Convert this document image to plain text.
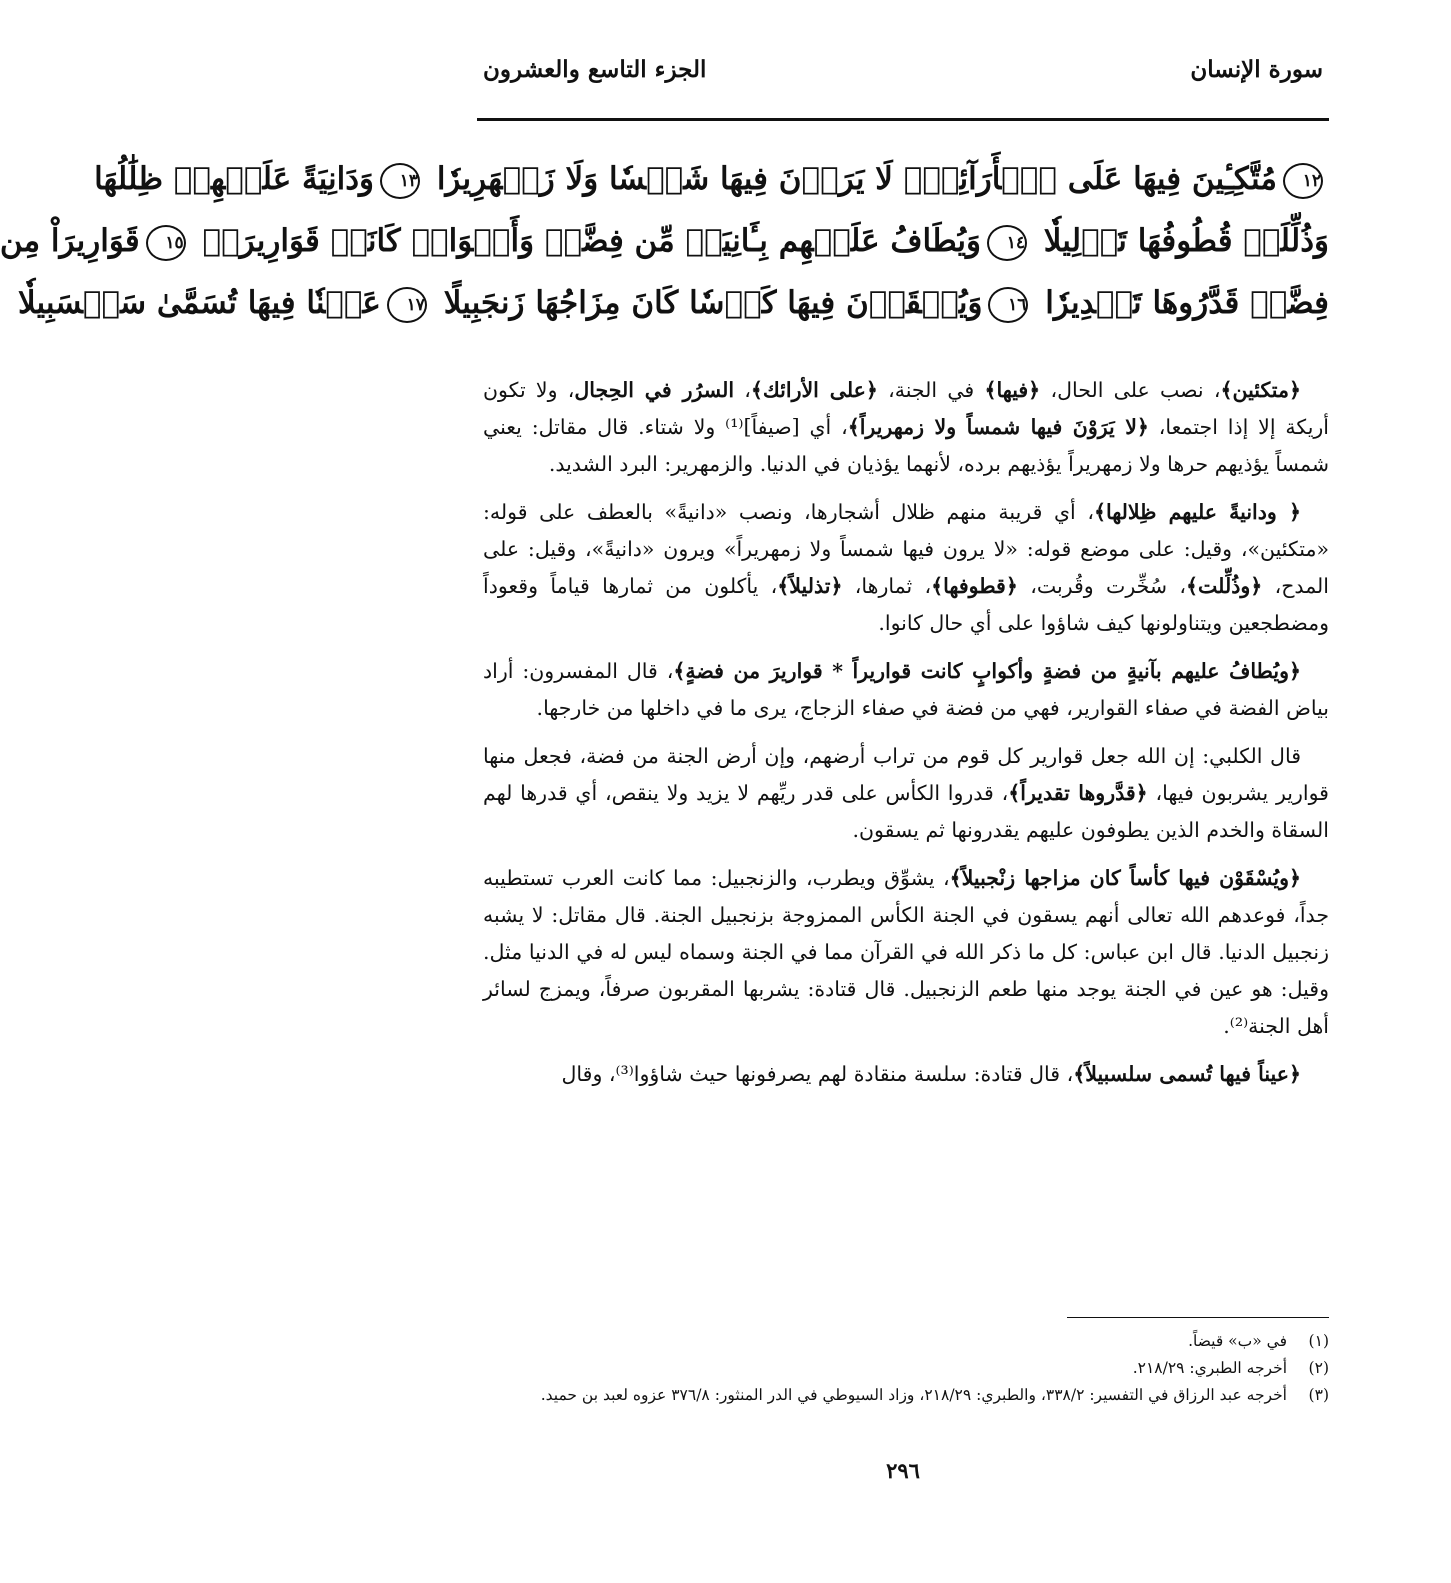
سورة الإنسان
الجزء التاسع والعشرون
١٢مُتَّكِـِٔينَ فِيهَا عَلَى ٱلۡأَرَآئِكِۖ لَا يَرَوۡنَ فِيهَا شَمۡسٗا وَلَا زَمۡهَرِيرٗا ١٣وَدَانِيَةً عَلَيۡهِمۡ ظِلَٰلُهَا
وَذُلِّلَتۡ قُطُوفُهَا تَذۡلِيلٗا ١٤وَيُطَافُ عَلَيۡهِم بِـَٔانِيَةٖ مِّن فِضَّةٖ وَأَكۡوَابٖ كَانَتۡ قَوَارِيرَا۠ ١٥قَوَارِيرَاْ مِن
فِضَّةٖ قَدَّرُوهَا تَقۡدِيرٗا ١٦وَيُسۡقَوۡنَ فِيهَا كَأۡسٗا كَانَ مِزَاجُهَا زَنجَبِيلًا ١٧عَيۡنٗا فِيهَا تُسَمَّىٰ سَلۡسَبِيلٗا

﴿متكئين﴾، نصب على الحال، ﴿فيها﴾ في الجنة، ﴿على الأرائك﴾، السرُر في الحِجال، ولا تكون أريكة إلا إذا اجتمعا، ﴿لا يَرَوْنَ فيها شمساً ولا زمهريراً﴾، أي [صيفاً]⁽¹⁾ ولا شتاء. قال مقاتل: يعني شمساً يؤذيهم حرها ولا زمهريراً يؤذيهم برده، لأنهما يؤذيان في الدنيا. والزمهرير: البرد الشديد.

﴿ ودانيةً عليهم ظِلالها﴾، أي قريبة منهم ظلال أشجارها، ونصب «دانيةً» بالعطف على قوله: «متكئين»، وقيل: على موضع قوله: «لا يرون فيها شمساً ولا زمهريراً» ويرون «دانيةً»، وقيل: على المدح، ﴿وذُلِّلت﴾، سُخِّرت وقُربت، ﴿قطوفها﴾، ثمارها، ﴿تذليلاً﴾، يأكلون من ثمارها قياماً وقعوداً ومضطجعين ويتناولونها كيف شاؤوا على أي حال كانوا.

﴿ويُطافُ عليهم بآنيةٍ من فضةٍ وأكوابٍ كانت قواريراً * قواريرَ من فضةٍ﴾، قال المفسرون: أراد بياض الفضة في صفاء القوارير، فهي من فضة في صفاء الزجاج، يرى ما في داخلها من خارجها.

قال الكلبي: إن الله جعل قوارير كل قوم من تراب أرضهم، وإن أرض الجنة من فضة، فجعل منها قوارير يشربون فيها، ﴿قدَّروها تقديراً﴾، قدروا الكأس على قدر ريِّهم لا يزيد ولا ينقص، أي قدرها لهم السقاة والخدم الذين يطوفون عليهم يقدرونها ثم يسقون.

﴿ويُسْقَوْن فيها كأساً كان مزاجها زنْجبيلاً﴾، يشوِّق ويطرب، والزنجبيل: مما كانت العرب تستطيبه جداً، فوعدهم الله تعالى أنهم يسقون في الجنة الكأس الممزوجة بزنجبيل الجنة. قال مقاتل: لا يشبه زنجبيل الدنيا. قال ابن عباس: كل ما ذكر الله في القرآن مما في الجنة وسماه ليس له في الدنيا مثل. وقيل: هو عين في الجنة يوجد منها طعم الزنجبيل. قال قتادة: يشربها المقربون صرفاً، ويمزج لسائر أهل الجنة⁽²⁾.

﴿عيناً فيها تُسمى سلسبيلاً﴾، قال قتادة: سلسة منقادة لهم يصرفونها حيث شاؤوا⁽³⁾، وقال

(١)
في «ب» قيضاً.
(٢)
أخرجه الطبري: ٢١٨/٢٩.
(٣)
أخرجه عبد الرزاق في التفسير: ٣٣٨/٢، والطبري: ٢١٨/٢٩، وزاد السيوطي في الدر المنثور: ٣٧٦/٨ عزوه لعبد بن حميد.
٢٩٦
